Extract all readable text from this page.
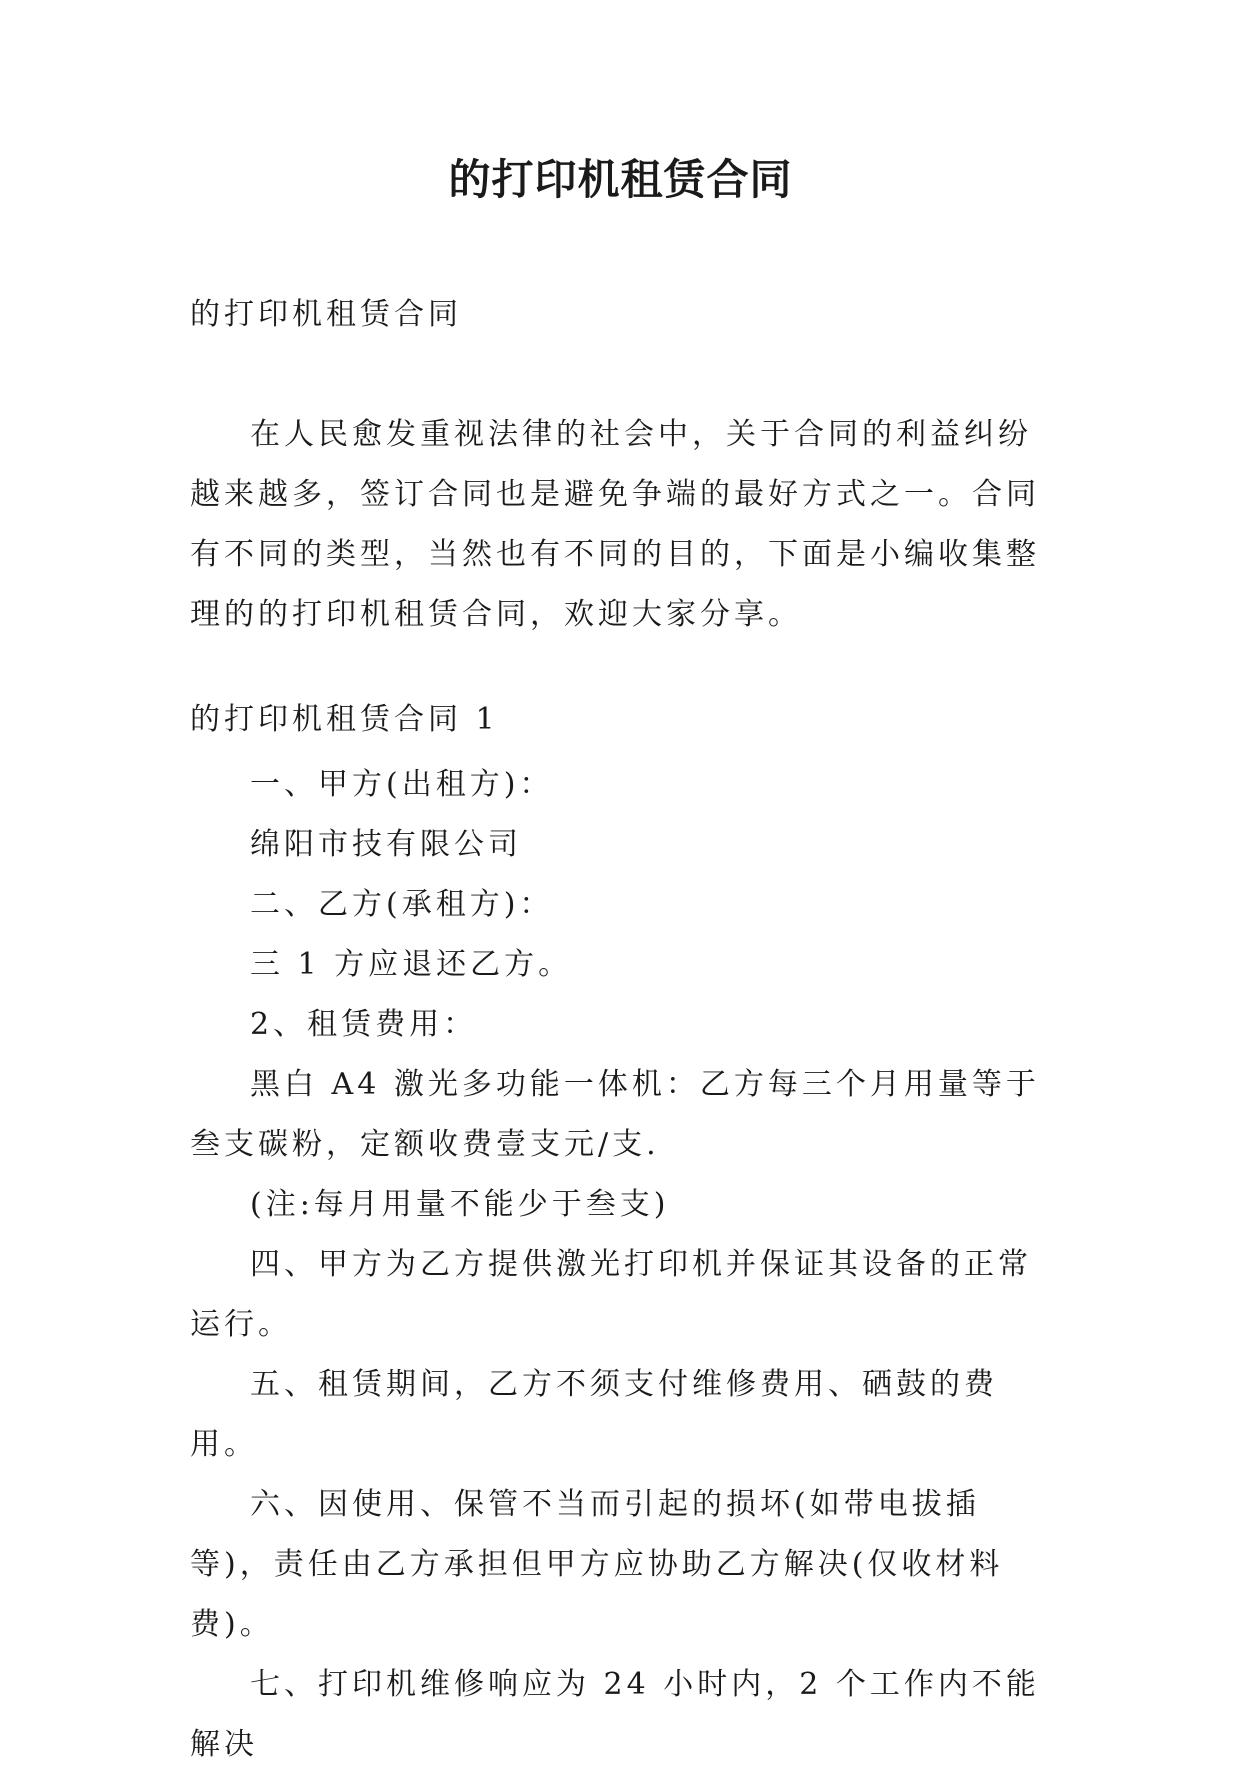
的打印机租赁合同

的打印机租赁合同

在人民愈发重视法律的社会中，关于合同的利益纠纷越来越多，签订合同也是避免争端的最好方式之一。合同有不同的类型，当然也有不同的目的，下面是小编收集整理的的打印机租赁合同，欢迎大家分享。

的打印机租赁合同 1

一、甲方(出租方)：

绵阳市技有限公司

二、乙方(承租方)：

三 1 方应退还乙方。

2、租赁费用：

黑白 A4 激光多功能一体机：乙方每三个月用量等于叁支碳粉，定额收费壹支元/支.

(注:每月用量不能少于叁支)

四、甲方为乙方提供激光打印机并保证其设备的正常运行。

五、租赁期间，乙方不须支付维修费用、硒鼓的费用。

六、因使用、保管不当而引起的损坏(如带电拔插等)，责任由乙方承担但甲方应协助乙方解决(仅收材料费)。

七、打印机维修响应为 24 小时内，2 个工作内不能解决
